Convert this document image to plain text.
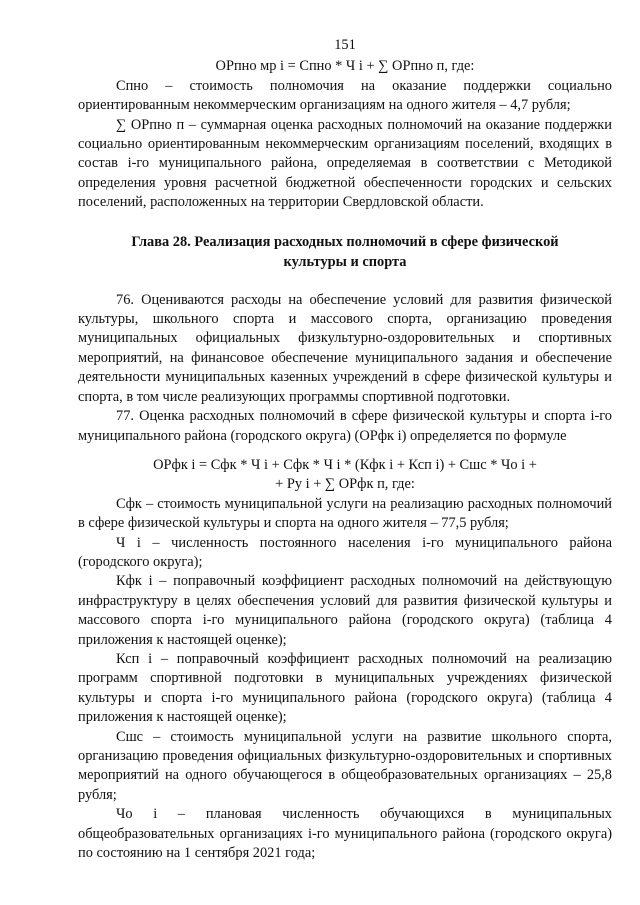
151
ОРпно мр i = Спно * Ч i + ∑ ОРпно п, где:
Спно – стоимость полномочия на оказание поддержки социально ориентированным некоммерческим организациям на одного жителя – 4,7 рубля;
∑ ОРпно п – суммарная оценка расходных полномочий на оказание поддержки социально ориентированным некоммерческим организациям поселений, входящих в состав i-го муниципального района, определяемая в соответствии с Методикой определения уровня расчетной бюджетной обеспеченности городских и сельских поселений, расположенных на территории Свердловской области.
Глава 28. Реализация расходных полномочий в сфере физической культуры и спорта
76. Оцениваются расходы на обеспечение условий для развития физической культуры, школьного спорта и массового спорта, организацию проведения муниципальных официальных физкультурно-оздоровительных и спортивных мероприятий, на финансовое обеспечение муниципального задания и обеспечение деятельности муниципальных казенных учреждений в сфере физической культуры и спорта, в том числе реализующих программы спортивной подготовки.
77. Оценка расходных полномочий в сфере физической культуры и спорта i-го муниципального района (городского округа) (ОРфк i) определяется по формуле
ОРфк i = Сфк * Ч i + Сфк * Ч i * (Кфк i + Ксп i) + Сшс * Чо i +
+ Ру i + ∑ ОРфк п, где:
Сфк – стоимость муниципальной услуги на реализацию расходных полномочий в сфере физической культуры и спорта на одного жителя – 77,5 рубля;
Ч i – численность постоянного населения i-го муниципального района (городского округа);
Кфк i – поправочный коэффициент расходных полномочий на действующую инфраструктуру в целях обеспечения условий для развития физической культуры и массового спорта i-го муниципального района (городского округа) (таблица 4 приложения к настоящей оценке);
Ксп i – поправочный коэффициент расходных полномочий на реализацию программ спортивной подготовки в муниципальных учреждениях физической культуры и спорта i-го муниципального района (городского округа) (таблица 4 приложения к настоящей оценке);
Сшс – стоимость муниципальной услуги на развитие школьного спорта, организацию проведения официальных физкультурно-оздоровительных и спортивных мероприятий на одного обучающегося в общеобразовательных организациях – 25,8 рубля;
Чо i – плановая численность обучающихся в муниципальных общеобразовательных организациях i-го муниципального района (городского округа) по состоянию на 1 сентября 2021 года;
